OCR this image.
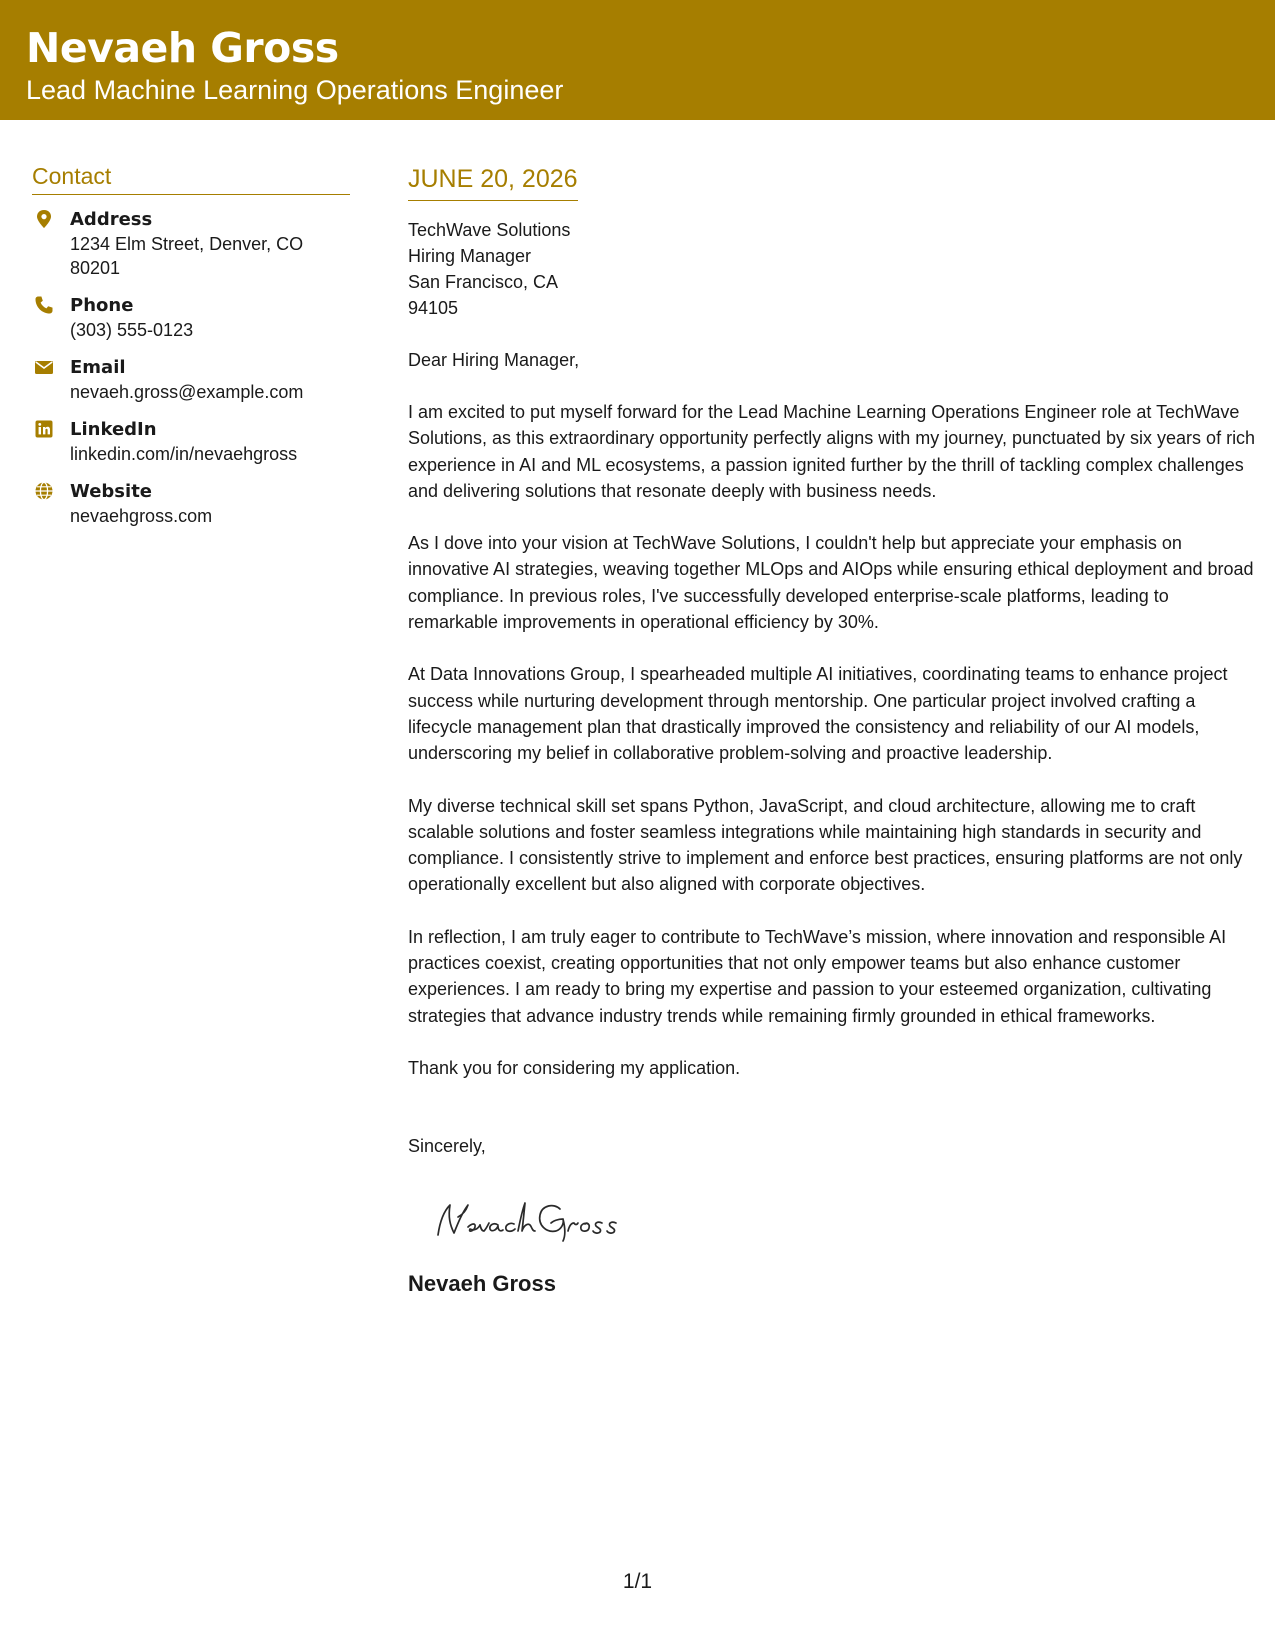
Nevaeh Gross
Lead Machine Learning Operations Engineer
Contact
Address
1234 Elm Street, Denver, CO 80201
Phone
(303) 555-0123
Email
nevaeh.gross@example.com
LinkedIn
linkedin.com/in/nevaehgross
Website
nevaehgross.com
JUNE 20, 2026
TechWave Solutions
Hiring Manager
San Francisco, CA
94105
Dear Hiring Manager,
I am excited to put myself forward for the Lead Machine Learning Operations Engineer role at TechWave Solutions, as this extraordinary opportunity perfectly aligns with my journey, punctuated by six years of rich experience in AI and ML ecosystems, a passion ignited further by the thrill of tackling complex challenges and delivering solutions that resonate deeply with business needs.
As I dove into your vision at TechWave Solutions, I couldn't help but appreciate your emphasis on innovative AI strategies, weaving together MLOps and AIOps while ensuring ethical deployment and broad compliance. In previous roles, I've successfully developed enterprise-scale platforms, leading to remarkable improvements in operational efficiency by 30%.
At Data Innovations Group, I spearheaded multiple AI initiatives, coordinating teams to enhance project success while nurturing development through mentorship. One particular project involved crafting a lifecycle management plan that drastically improved the consistency and reliability of our AI models, underscoring my belief in collaborative problem-solving and proactive leadership.
My diverse technical skill set spans Python, JavaScript, and cloud architecture, allowing me to craft scalable solutions and foster seamless integrations while maintaining high standards in security and compliance. I consistently strive to implement and enforce best practices, ensuring platforms are not only operationally excellent but also aligned with corporate objectives.
In reflection, I am truly eager to contribute to TechWave’s mission, where innovation and responsible AI practices coexist, creating opportunities that not only empower teams but also enhance customer experiences. I am ready to bring my expertise and passion to your esteemed organization, cultivating strategies that advance industry trends while remaining firmly grounded in ethical frameworks.
Thank you for considering my application.
Sincerely,
Nevaeh Gross
1/1
